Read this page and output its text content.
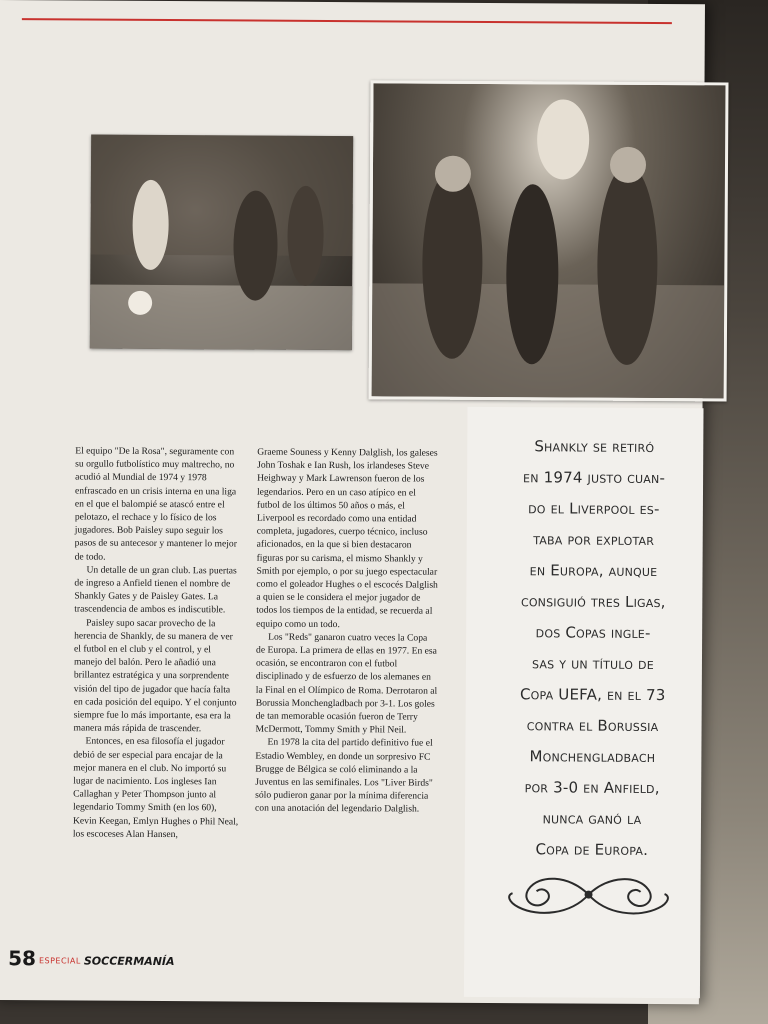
El equipo "De la Rosa", seguramente con su orgullo futbolístico muy maltrecho, no acudió al Mundial de 1974 y 1978 enfrascado en un crisis interna en una liga en el que el balompié se atascó entre el pelotazo, el rechace y lo físico de los jugadores. Bob Paisley supo seguir los pasos de su antecesor y mantener lo mejor de todo.

Un detalle de un gran club. Las puertas de ingreso a Anfield tienen el nombre de Shankly Gates y de Paisley Gates. La trascendencia de ambos es indiscutible.

Paisley supo sacar provecho de la herencia de Shankly, de su manera de ver el futbol en el club y el control, y el manejo del balón. Pero le añadió una brillantez estratégica y una sorprendente visión del tipo de jugador que hacía falta en cada posición del equipo. Y el conjunto siempre fue lo más importante, esa era la manera más rápida de trascender.

Entonces, en esa filosofía el jugador debió de ser especial para encajar de la mejor manera en el club. No importó su lugar de nacimiento. Los ingleses Ian Callaghan y Peter Thompson junto al legendario Tommy Smith (en los 60), Kevin Keegan, Emlyn Hughes o Phil Neal, los escoceses Alan Hansen,

Graeme Souness y Kenny Dalglish, los galeses John Toshak e Ian Rush, los irlandeses Steve Heighway y Mark Lawrenson fueron de los legendarios. Pero en un caso atípico en el futbol de los últimos 50 años o más, el Liverpool es recordado como una entidad completa, jugadores, cuerpo técnico, incluso aficionados, en la que si bien destacaron figuras por su carisma, el mismo Shankly y Smith por ejemplo, o por su juego espectacular como el goleador Hughes o el escocés Dalglish a quien se le considera el mejor jugador de todos los tiempos de la entidad, se recuerda al equipo como un todo.

Los "Reds" ganaron cuatro veces la Copa de Europa. La primera de ellas en 1977. En esa ocasión, se encontraron con el futbol disciplinado y de esfuerzo de los alemanes en la Final en el Olímpico de Roma. Derrotaron al Borussia Monchengladbach por 3-1. Los goles de tan memorable ocasión fueron de Terry McDermott, Tommy Smith y Phil Neil.

En 1978 la cita del partido definitivo fue el Estadio Wembley, en donde un sorpresivo FC Brugge de Bélgica se coló eliminando a la Juventus en las semifinales. Los "Liver Birds" sólo pudieron ganar por la mínima diferencia con una anotación del legendario Dalglish.

Shankly se retiró
en 1974 justo cuan-
do el Liverpool es-
taba por explotar
en Europa, aunque
consiguió tres Ligas,
dos Copas ingle-
sas y un título de
Copa UEFA, en el 73
contra el Borussia
Monchengladbach
por 3-0 en Anfield,
nunca ganó la
Copa de Europa.
58 ESPECIAL SOCCERMANÍA
